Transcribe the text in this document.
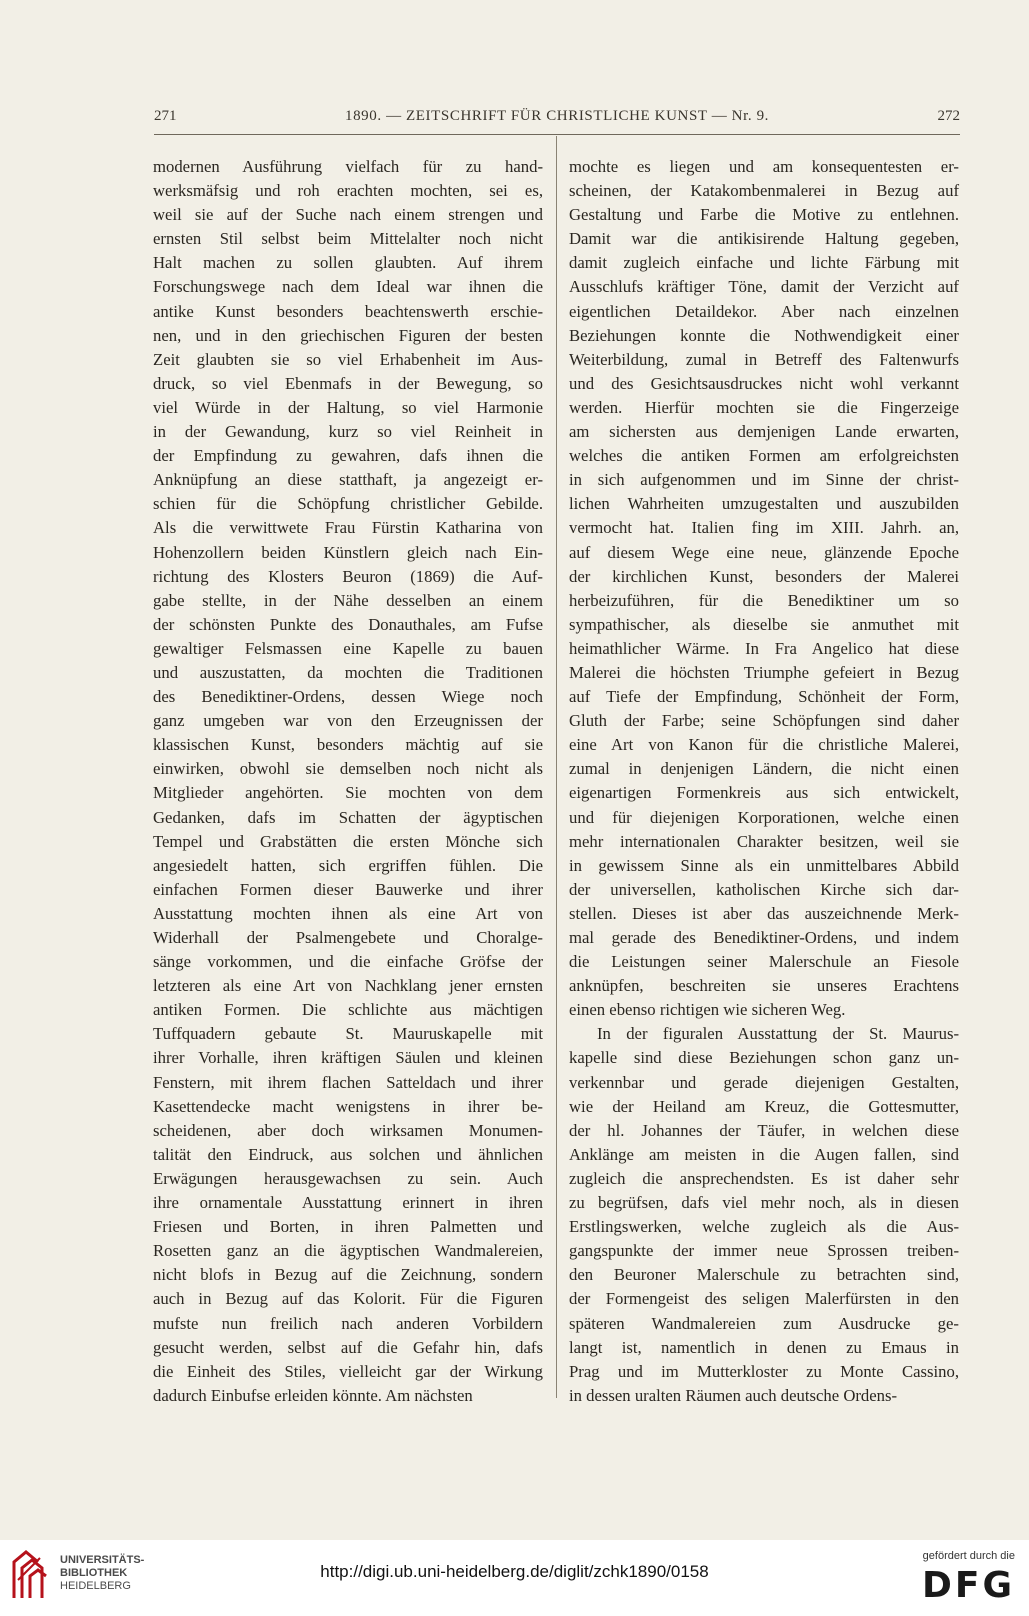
271	1890. — ZEITSCHRIFT FÜR CHRISTLICHE KUNST — Nr. 9.	272
modernen Ausführung vielfach für zu hand-
werksmäfsig und roh erachten mochten, sei es,
weil sie auf der Suche nach einem strengen und
ernsten Stil selbst beim Mittelalter noch nicht
Halt machen zu sollen glaubten. Auf ihrem
Forschungswege nach dem Ideal war ihnen die
antike Kunst besonders beachtenswerth erschie-
nen, und in den griechischen Figuren der besten
Zeit glaubten sie so viel Erhabenheit im Aus-
druck, so viel Ebenmafs in der Bewegung, so
viel Würde in der Haltung, so viel Harmonie
in der Gewandung, kurz so viel Reinheit in
der Empfindung zu gewahren, dafs ihnen die
Anknüpfung an diese statthaft, ja angezeigt er-
schien für die Schöpfung christlicher Gebilde.
Als die verwittwete Frau Fürstin Katharina von
Hohenzollern beiden Künstlern gleich nach Ein-
richtung des Klosters Beuron (1869) die Auf-
gabe stellte, in der Nähe desselben an einem
der schönsten Punkte des Donauthales, am Fufse
gewaltiger Felsmassen eine Kapelle zu bauen
und auszustatten, da mochten die Traditionen
des Benediktiner-Ordens, dessen Wiege noch
ganz umgeben war von den Erzeugnissen der
klassischen Kunst, besonders mächtig auf sie
einwirken, obwohl sie demselben noch nicht als
Mitglieder angehörten. Sie mochten von dem
Gedanken, dafs im Schatten der ägyptischen
Tempel und Grabstätten die ersten Mönche sich
angesiedelt hatten, sich ergriffen fühlen. Die
einfachen Formen dieser Bauwerke und ihrer
Ausstattung mochten ihnen als eine Art von
Widerhall der Psalmengebete und Choralge-
sänge vorkommen, und die einfache Gröfse der
letzteren als eine Art von Nachklang jener ernsten
antiken Formen. Die schlichte aus mächtigen
Tuffquadern gebaute St. Mauruskapelle mit
ihrer Vorhalle, ihren kräftigen Säulen und kleinen
Fenstern, mit ihrem flachen Satteldach und ihrer
Kasettendecke macht wenigstens in ihrer be-
scheidenen, aber doch wirksamen Monumen-
talität den Eindruck, aus solchen und ähnlichen
Erwägungen herausgewachsen zu sein. Auch
ihre ornamentale Ausstattung erinnert in ihren
Friesen und Borten, in ihren Palmetten und
Rosetten ganz an die ägyptischen Wandmalereien,
nicht blofs in Bezug auf die Zeichnung, sondern
auch in Bezug auf das Kolorit. Für die Figuren
mufste nun freilich nach anderen Vorbildern
gesucht werden, selbst auf die Gefahr hin, dafs
die Einheit des Stiles, vielleicht gar der Wirkung
dadurch Einbufse erleiden könnte. Am nächsten
mochte es liegen und am konsequentesten er-
scheinen, der Katakombenmalerei in Bezug auf
Gestaltung und Farbe die Motive zu entlehnen.
Damit war die antikisirende Haltung gegeben,
damit zugleich einfache und lichte Färbung mit
Ausschlufs kräftiger Töne, damit der Verzicht auf
eigentlichen Detaildekor. Aber nach einzelnen
Beziehungen konnte die Nothwendigkeit einer
Weiterbildung, zumal in Betreff des Faltenwurfs
und des Gesichtsausdruckes nicht wohl verkannt
werden. Hierfür mochten sie die Fingerzeige
am sichersten aus demjenigen Lande erwarten,
welches die antiken Formen am erfolgreichsten
in sich aufgenommen und im Sinne der christ-
lichen Wahrheiten umzugestalten und auszubilden
vermocht hat. Italien fing im XIII. Jahrh. an,
auf diesem Wege eine neue, glänzende Epoche
der kirchlichen Kunst, besonders der Malerei
herbeizuführen, für die Benediktiner um so
sympathischer, als dieselbe sie anmuthet mit
heimathlicher Wärme. In Fra Angelico hat diese
Malerei die höchsten Triumphe gefeiert in Bezug
auf Tiefe der Empfindung, Schönheit der Form,
Gluth der Farbe; seine Schöpfungen sind daher
eine Art von Kanon für die christliche Malerei,
zumal in denjenigen Ländern, die nicht einen
eigenartigen Formenkreis aus sich entwickelt,
und für diejenigen Korporationen, welche einen
mehr internationalen Charakter besitzen, weil sie
in gewissem Sinne als ein unmittelbares Abbild
der universellen, katholischen Kirche sich dar-
stellen. Dieses ist aber das auszeichnende Merk-
mal gerade des Benediktiner-Ordens, und indem
die Leistungen seiner Malerschule an Fiesole
anknüpfen, beschreiten sie unseres Erachtens
einen ebenso richtigen wie sicheren Weg.
In der figuralen Ausstattung der St. Maurus-
kapelle sind diese Beziehungen schon ganz un-
verkennbar und gerade diejenigen Gestalten,
wie der Heiland am Kreuz, die Gottesmutter,
der hl. Johannes der Täufer, in welchen diese
Anklänge am meisten in die Augen fallen, sind
zugleich die ansprechendsten. Es ist daher sehr
zu begrüfsen, dafs viel mehr noch, als in diesen
Erstlingswerken, welche zugleich als die Aus-
gangspunkte der immer neue Sprossen treiben-
den Beuroner Malerschule zu betrachten sind,
der Formengeist des seligen Malerfürsten in den
späteren Wandmalereien zum Ausdrucke ge-
langt ist, namentlich in denen zu Emaus in
Prag und im Mutterkloster zu Monte Cassino,
in dessen uralten Räumen auch deutsche Ordens-
UNIVERSITÄTS-
BIBLIOTHEK
HEIDELBERG
http://digi.ub.uni-heidelberg.de/diglit/zchk1890/0158
gefördert durch die
DFG
